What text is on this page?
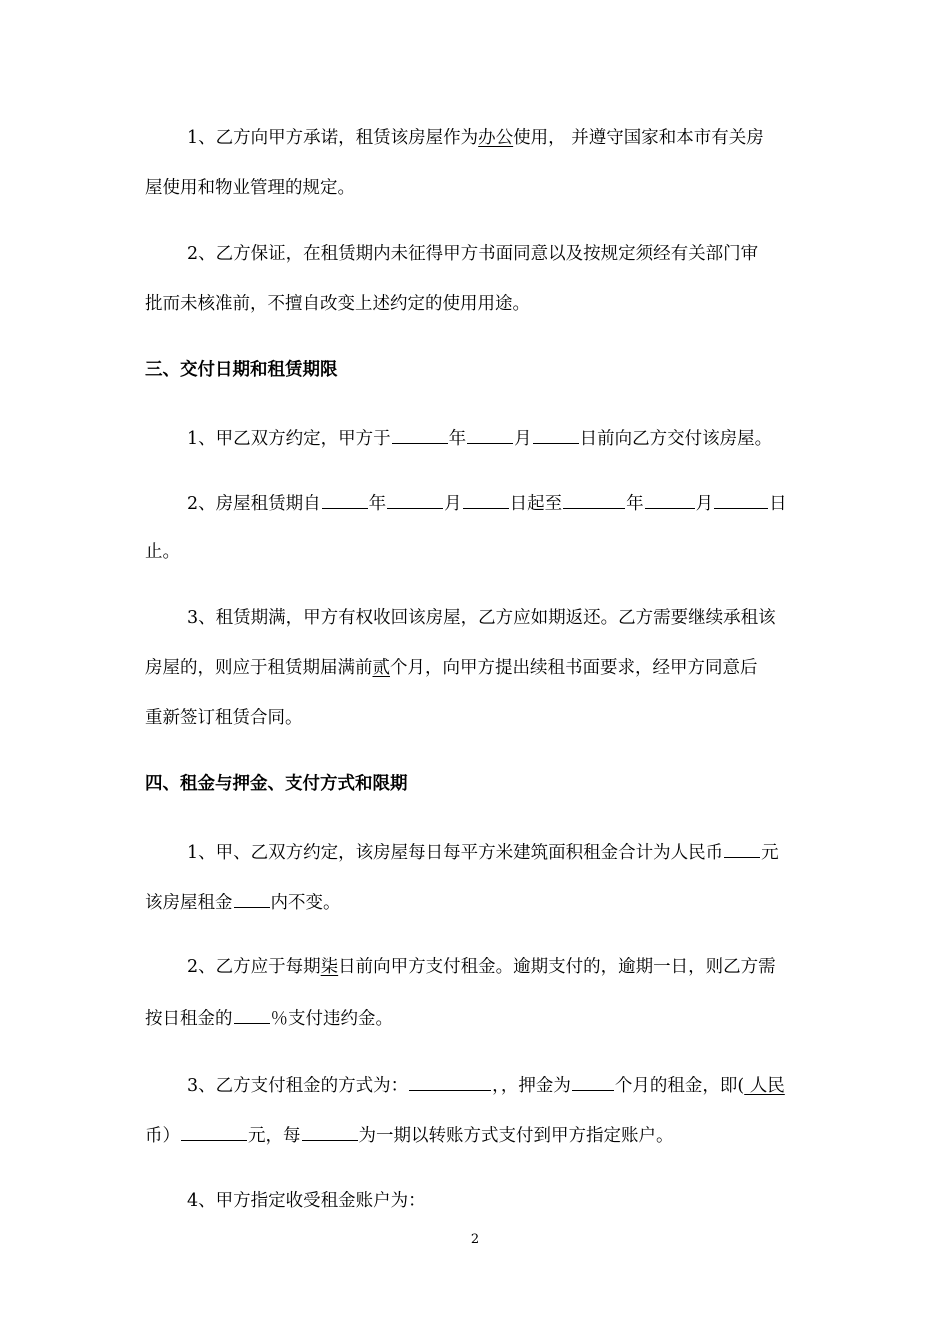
1、乙方向甲方承诺，租赁该房屋作为办公使用， 并遵守国家和本市有关房
屋使用和物业管理的规定。
2、乙方保证，在租赁期内未征得甲方书面同意以及按规定须经有关部门审
批而未核准前，不擅自改变上述约定的使用用途。
三、交付日期和租赁期限
1、甲乙双方约定，甲方于	年	月	日前向乙方交付该房屋。
2、房屋租赁期自	年	月	日起至	年	月	日
止。
3、租赁期满，甲方有权收回该房屋，乙方应如期返还。乙方需要继续承租该
房屋的，则应于租赁期届满前贰个月，向甲方提出续租书面要求，经甲方同意后
重新签订租赁合同。
四、租金与押金、支付方式和限期
1、甲、乙双方约定，该房屋每日每平方米建筑面积租金合计为人民币 元
该房屋租金 内不变。
2、乙方应于每期柒日前向甲方支付租金。逾期支付的，逾期一日，则乙方需
按日租金的 ％支付违约金。
3、乙方支付租金的方式为：	，，押金为	个月的租金，即( 人民
币）	元，每	为一期以转账方式支付到甲方指定账户。
4、甲方指定收受租金账户为：
2
